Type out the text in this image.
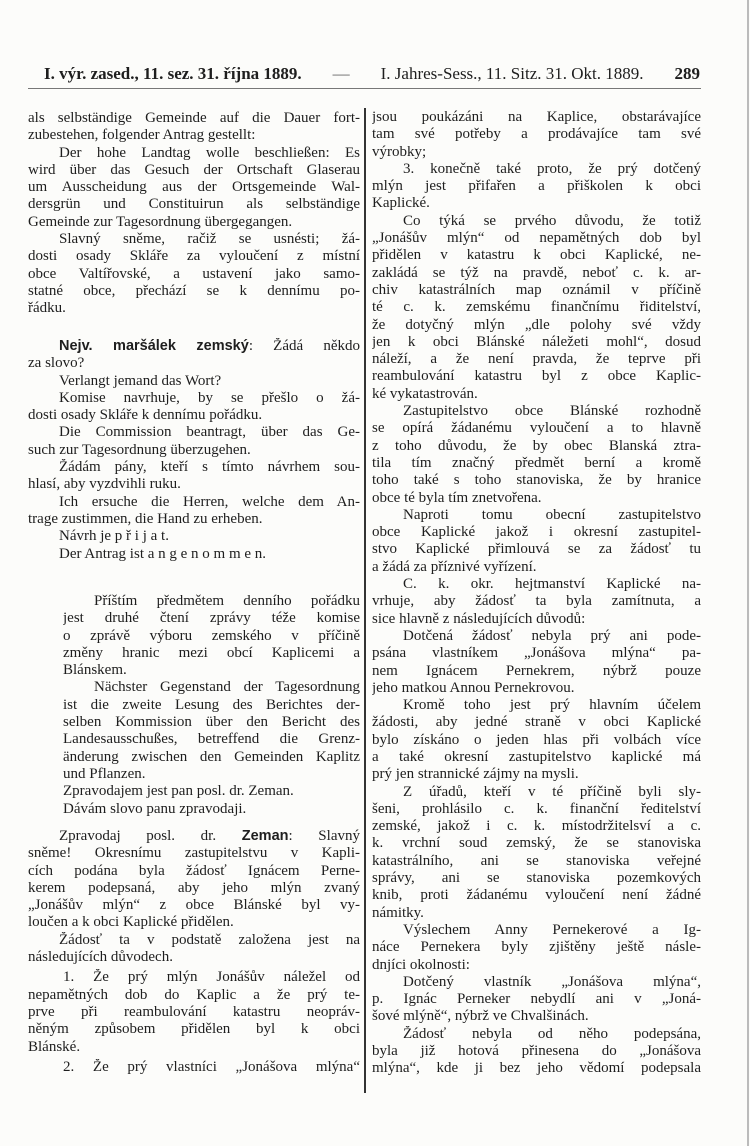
I. výr. zased., 11. sez. 31. října 1889. — I. Jahres-Sess., 11. Sitz. 31. Okt. 1889. 289
als selbständige Gemeinde auf die Dauer fort-
zubestehen, folgender Antrag gestellt:
Der hohe Landtag wolle beschließen: Es
wird über das Gesuch der Ortschaft Glaserau
um Ausscheidung aus der Ortsgemeinde Wal-
dersgrün und Constituirun als selbständige
Gemeinde zur Tagesordnung übergegangen.
Slavný sněme, račiž se usnésti; žá-
dosti osady Skláře za vyloučení z místní
obce Valtířovské, a ustavení jako samo-
statné obce, přechází se k dennímu po-
řádku.
Nejv. maršálek zemský: Žádá někdo
za slovo?
Verlangt jemand das Wort?
Komise navrhuje, by se přešlo o žá-
dosti osady Skláře k dennímu pořádku.
Die Commission beantragt, über das Ge-
such zur Tagesordnung überzugehen.
Žádám pány, kteří s tímto návrhem sou-
hlasí, aby vyzdvihli ruku.
Ich ersuche die Herren, welche dem An-
trage zustimmen, die Hand zu erheben.
Návrh je p ř i j a t.
Der Antrag ist a n g e n o m m e n.
Příštím předmětem denního pořádku
jest druhé čtení zprávy téže komise
o zprávě výboru zemského v příčině
změny hranic mezi obcí Kaplicemi a
Blánskem.
Nächster Gegenstand der Tagesordnung
ist die zweite Lesung des Berichtes der-
selben Kommission über den Bericht des
Landesausschußes, betreffend die Grenz-
änderung zwischen den Gemeinden Kaplitz
und Pflanzen.
Zpravodajem jest pan posl. dr. Zeman.
Dávám slovo panu zpravodaji.
Zpravodaj posl. dr. Zeman: Slavný
sněme! Okresnímu zastupitelstvu v Kapli-
cích podána byla žádosť Ignácem Perne-
kerem podepsaná, aby jeho mlýn zvaný
„Jonášův mlýn“ z obce Blánské byl vy-
loučen a k obci Kaplické přidělen.
Žádosť ta v podstatě založena jest na
následujících důvodech.
1. Že prý mlýn Jonášův náležel od
nepamětných dob do Kaplic a že prý te-
prve při reambulování katastru neopráv-
něným způsobem přidělen byl k obci
Blánské.
2. Že prý vlastníci „Jonášova mlýna“
jsou poukázáni na Kaplice, obstarávajíce
tam své potřeby a prodávajíce tam své
výrobky;
3. konečně také proto, že prý dotčený
mlýn jest přifařen a přiškolen k obci
Kaplické.
Co týká se prvého důvodu, že totiž
„Jonášův mlýn“ od nepamětných dob byl
přidělen v katastru k obci Kaplické, ne-
zakládá se týž na pravdě, neboť c. k. ar-
chiv katastrálních map oznámil v příčině
té c. k. zemskému finančnímu řiditelství,
že dotyčný mlýn „dle polohy své vždy
jen k obci Blánské náležeti mohl“, dosud
náleží, a že není pravda, že teprve při
reambulování katastru byl z obce Kaplic-
ké vykatastrován.
Zastupitelstvo obce Blánské rozhodně
se opírá žádanému vyloučení a to hlavně
z toho důvodu, že by obec Blanská ztra-
tila tím značný předmět berní a kromě
toho také s toho stanoviska, že by hranice
obce té byla tím znetvořena.
Naproti tomu obecní zastupitelstvo
obce Kaplické jakož i okresní zastupitel-
stvo Kaplické přimlouvá se za žádosť tu
a žádá za příznivé vyřízení.
C. k. okr. hejtmanství Kaplické na-
vrhuje, aby žádosť ta byla zamítnuta, a
sice hlavně z následujících důvodů:
Dotčená žádosť nebyla prý ani pode-
psána vlastníkem „Jonášova mlýna“ pa-
nem Ignácem Pernekrem, nýbrž pouze
jeho matkou Annou Pernekrovou.
Kromě toho jest prý hlavním účelem
žádosti, aby jedné straně v obci Kaplické
bylo získáno o jeden hlas při volbách více
a také okresní zastupitelstvo kaplické má
prý jen strannické zájmy na mysli.
Z úřadů, kteří v té příčině byli sly-
šeni, prohlásilo c. k. finanční ředitelství
zemské, jakož i c. k. místodržitelsví a c.
k. vrchní soud zemský, že se stanoviska
katastrálního, ani se stanoviska veřejné
správy, ani se stanoviska pozemkových
knib, proti žádanému vyloučení není žádné
námitky.
Výslechem Anny Pernekerové a Ig-
náce Pernekera byly zjištěny ještě násle-
dnjíci okolnosti:
Dotčený vlastník „Jonášova mlýna“,
p. Ignác Perneker nebydlí ani v „Joná-
šové mlýně“, nýbrž ve Chvalšinách.
Žádosť nebyla od něho podepsána,
byla již hotová přinesena do „Jonášova
mlýna“, kde ji bez jeho vědomí podepsala
